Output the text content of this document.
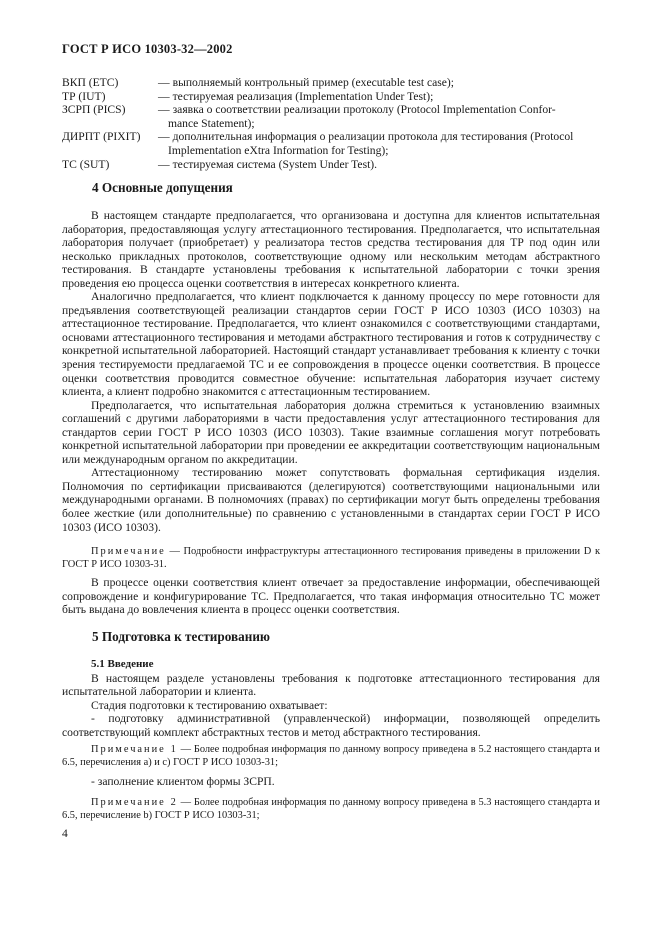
ГОСТ Р ИСО 10303-32—2002
ВКП (ETC)	— выполняемый контрольный пример (executable test case);
ТР (IUT)	— тестируемая реализация (Implementation Under Test);
ЗСРП (PICS)	— заявка о соответствии реализации протоколу (Protocol Implementation Confor-
mance Statement);
ДИРПТ (PIXIT)	— дополнительная информация о реализации протокола для тестирования (Protocol
Implementation eXtra Information for Testing);
ТС (SUT)	— тестируемая система (System Under Test).
4 Основные допущения

В настоящем стандарте предполагается, что организована и доступна для клиентов испытательная лаборатория, предоставляющая услугу аттестационного тестирования. Предполагается, что испытательная лаборатория получает (приобретает) у реализатора тестов средства тестирования для ТР под один или несколько прикладных протоколов, соответствующие одному или нескольким методам абстрактного тестирования. В стандарте установлены требования к испытательной лаборатории с точки зрения проведения ею процесса оценки соответствия в интересах конкретного клиента.

Аналогично предполагается, что клиент подключается к данному процессу по мере готовности для предъявления соответствующей реализации стандартов серии ГОСТ Р ИСО 10303 (ИСО 10303) на аттестационное тестирование. Предполагается, что клиент ознакомился с соответствующими стандартами, основами аттестационного тестирования и методами абстрактного тестирования и готов к сотрудничеству с конкретной испытательной лабораторией. Настоящий стандарт устанавливает требования к клиенту с точки зрения тестируемости предлагаемой ТС и ее сопровождения в процессе оценки соответствия. В процессе оценки соответствия проводится совместное обучение: испытательная лаборатория изучает систему клиента, а клиент подробно знакомится с аттестационным тестированием.

Предполагается, что испытательная лаборатория должна стремиться к установлению взаимных соглашений с другими лабораториями в части предоставления услуг аттестационного тестирования для стандартов серии ГОСТ Р ИСО 10303 (ИСО 10303). Такие взаимные соглашения могут потребовать конкретной испытательной лаборатории при проведении ее аккредитации соответствующим национальным или международным органом по аккредитации.

Аттестационному тестированию может сопутствовать формальная сертификация изделия. Полномочия по сертификации присваиваются (делегируются) соответствующими национальными или международными органами. В полномочиях (правах) по сертификации могут быть определены требования более жесткие (или дополнительные) по сравнению с установленными в стандартах серии ГОСТ Р ИСО 10303 (ИСО 10303).

Примечание — Подробности инфраструктуры аттестационного тестирования приведены в приложении D к ГОСТ Р ИСО 10303-31.

В процессе оценки соответствия клиент отвечает за предоставление информации, обеспечивающей сопровождение и конфигурирование ТС. Предполагается, что такая информация относительно ТС может быть выдана до вовлечения клиента в процесс оценки соответствия.

5 Подготовка к тестированию

5.1 Введение

В настоящем разделе установлены требования к подготовке аттестационного тестирования для испытательной лаборатории и клиента.

Стадия подготовки к тестированию охватывает:

- подготовку административной (управленческой) информации, позволяющей определить соответствующий комплект абстрактных тестов и метод абстрактного тестирования.

Примечание 1 — Более подробная информация по данному вопросу приведена в 5.2 настоящего стандарта и 6.5, перечисления a) и c) ГОСТ Р ИСО 10303-31;

- заполнение клиентом формы ЗСРП.

Примечание 2 — Более подробная информация по данному вопросу приведена в 5.3 настоящего стандарта и 6.5, перечисление b) ГОСТ Р ИСО 10303-31;

4
